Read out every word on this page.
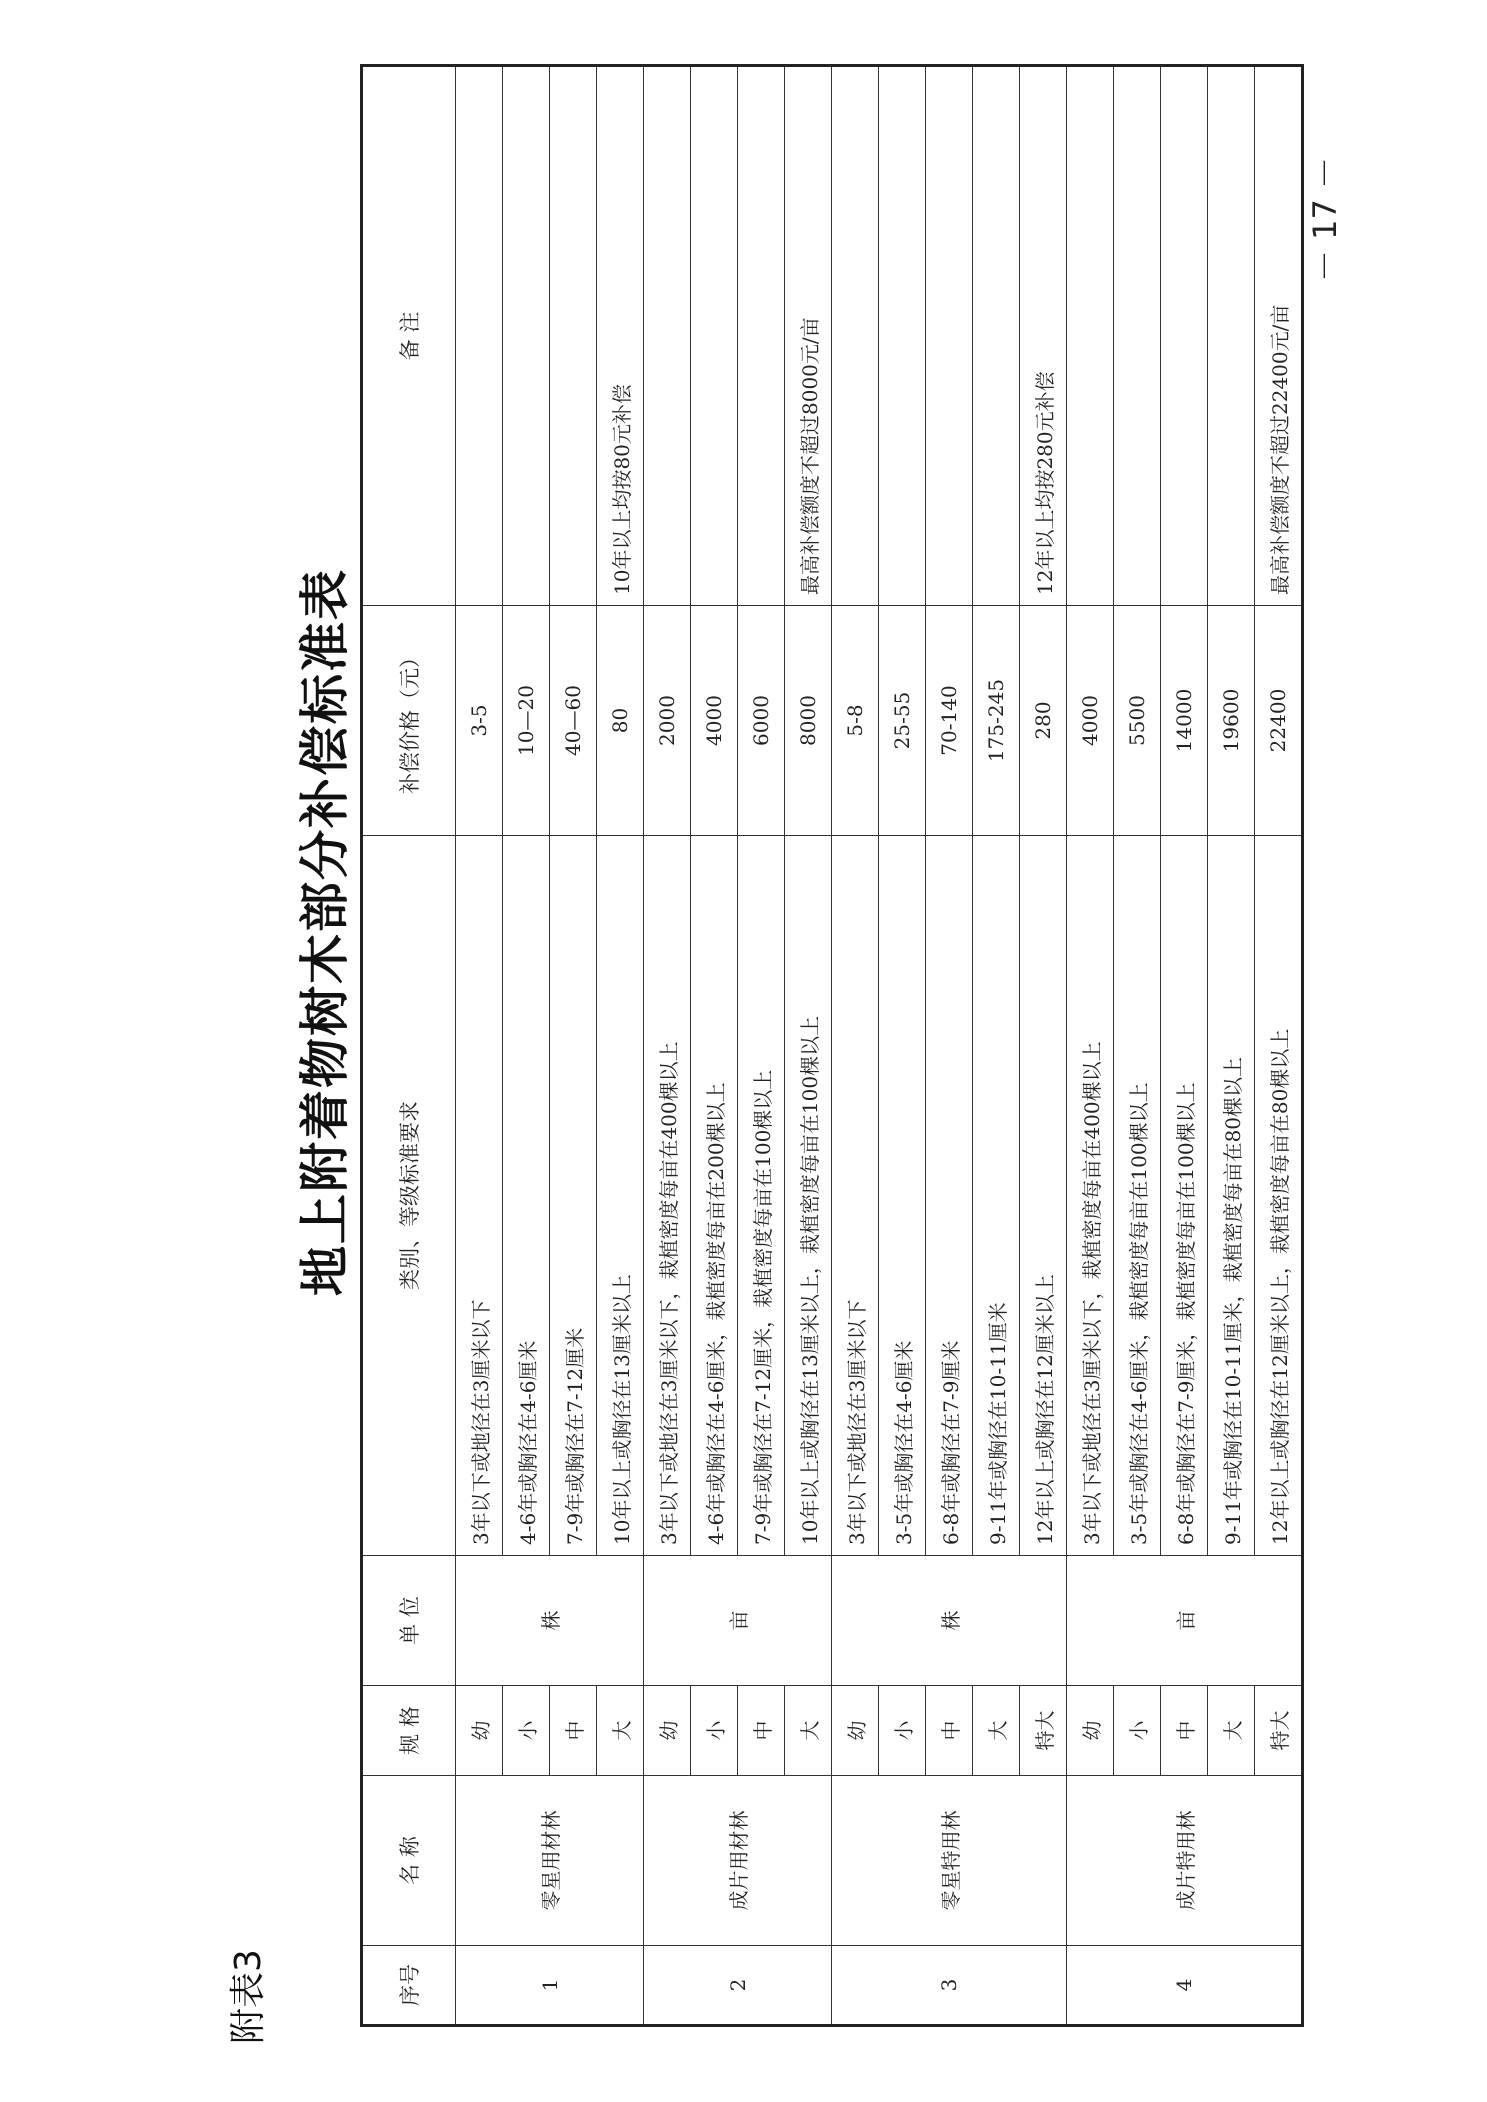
附表3
地上附着物树木部分补偿标准表
序号	名 称	规 格	单 位	类别、等级标准要求	补偿价格（元）	备 注
1	零星用材林	幼	株	3年以下或地径在3厘米以下	3-5	
		小		4-6年或胸径在4-6厘米	10—20	
		中		7-9年或胸径在7-12厘米	40—60	
		大		10年以上或胸径在13厘米以上	80	10年以上均按80元补偿
2	成片用材林	幼	亩	3年以下或地径在3厘米以下，栽植密度每亩在400棵以上	2000	
		小		4-6年或胸径在4-6厘米，栽植密度每亩在200棵以上	4000	
		中		7-9年或胸径在7-12厘米，栽植密度每亩在100棵以上	6000	
		大		10年以上或胸径在13厘米以上，栽植密度每亩在100棵以上	8000	最高补偿额度不超过8000元/亩
3	零星特用林	幼	株	3年以下或地径在3厘米以下	5-8	
		小		3-5年或胸径在4-6厘米	25-55	
		中		6-8年或胸径在7-9厘米	70-140	
		大		9-11年或胸径在10-11厘米	175-245	
		特大		12年以上或胸径在12厘米以上	280	12年以上均按280元补偿
4	成片特用林	幼	亩	3年以下或地径在3厘米以下，栽植密度每亩在400棵以上	4000	
		小		3-5年或胸径在4-6厘米，栽植密度每亩在100棵以上	5500	
		中		6-8年或胸径在7-9厘米，栽植密度每亩在100棵以上	14000	
		大		9-11年或胸径在10-11厘米，栽植密度每亩在80棵以上	19600	
		特大		12年以上或胸径在12厘米以上，栽植密度每亩在80棵以上	22400	最高补偿额度不超过22400元/亩
－ 17 －
